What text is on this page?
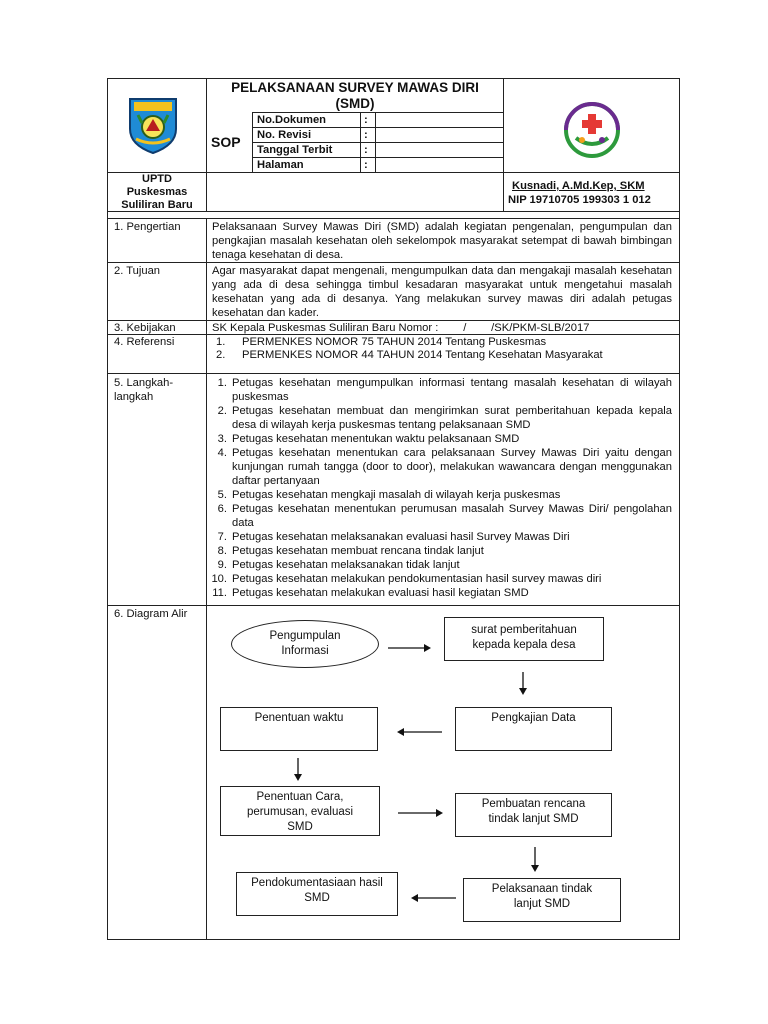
PELAKSANAAN SURVEY MAWAS DIRI
(SMD)
SOP
No.Dokumen	:
No. Revisi	:
Tanggal Terbit	:
Halaman	:
UPTD
Puskesmas
Suliliran Baru
Kusnadi, A.Md.Kep, SKM
NIP 19710705 199303 1 012
1. Pengertian	Pelaksanaan Survey Mawas Diri (SMD) adalah kegiatan pengenalan, pengumpulan dan pengkajian masalah kesehatan oleh sekelompok masyarakat setempat di bawah bimbingan tenaga kesehatan di desa.
2. Tujuan	Agar masyarakat dapat mengenali, mengumpulkan data dan mengakaji masalah kesehatan yang ada di desa sehingga timbul kesadaran masyarakat untuk mengetahui masalah kesehatan yang ada di desanya. Yang melakukan survey mawas diri adalah petugas kesehatan dan kader.
3. Kebijakan	SK Kepala Puskesmas Suliliran Baru Nomor :        /        /SK/PKM-SLB/2017
4. Referensi	1. PERMENKES NOMOR 75 TAHUN 2014 Tentang Puskesmas
2. PERMENKES NOMOR 44 TAHUN 2014 Tentang Kesehatan Masyarakat
5. Langkah-
langkah
1. Petugas kesehatan mengumpulkan informasi tentang masalah kesehatan di wilayah puskesmas
2. Petugas kesehatan membuat dan mengirimkan surat pemberitahuan kepada kepala desa di wilayah kerja puskesmas tentang pelaksanaan SMD
3. Petugas kesehatan menentukan waktu pelaksanaan SMD
4. Petugas kesehatan menentukan cara pelaksanaan Survey Mawas Diri yaitu dengan kunjungan rumah tangga (door to door), melakukan wawancara dengan menggunakan daftar pertanyaan
5. Petugas kesehatan mengkaji masalah di wilayah kerja puskesmas
6. Petugas kesehatan menentukan perumusan masalah Survey Mawas Diri/ pengolahan data
7. Petugas kesehatan melaksanakan evaluasi hasil Survey Mawas Diri
8. Petugas kesehatan membuat rencana tindak lanjut
9. Petugas kesehatan melaksanakan tidak lanjut
10. Petugas kesehatan melakukan pendokumentasian hasil survey mawas diri
11. Petugas kesehatan melakukan evaluasi hasil kegiatan SMD
6. Diagram Alir
Pengumpulan
Informasi
surat pemberitahuan
kepada kepala desa
Pengkajian Data
Penentuan waktu
Penentuan Cara,
perumusan, evaluasi
SMD
Pembuatan rencana
tindak lanjut SMD
Pelaksanaan tindak
lanjut SMD
Pendokumentasiaan hasil
SMD
